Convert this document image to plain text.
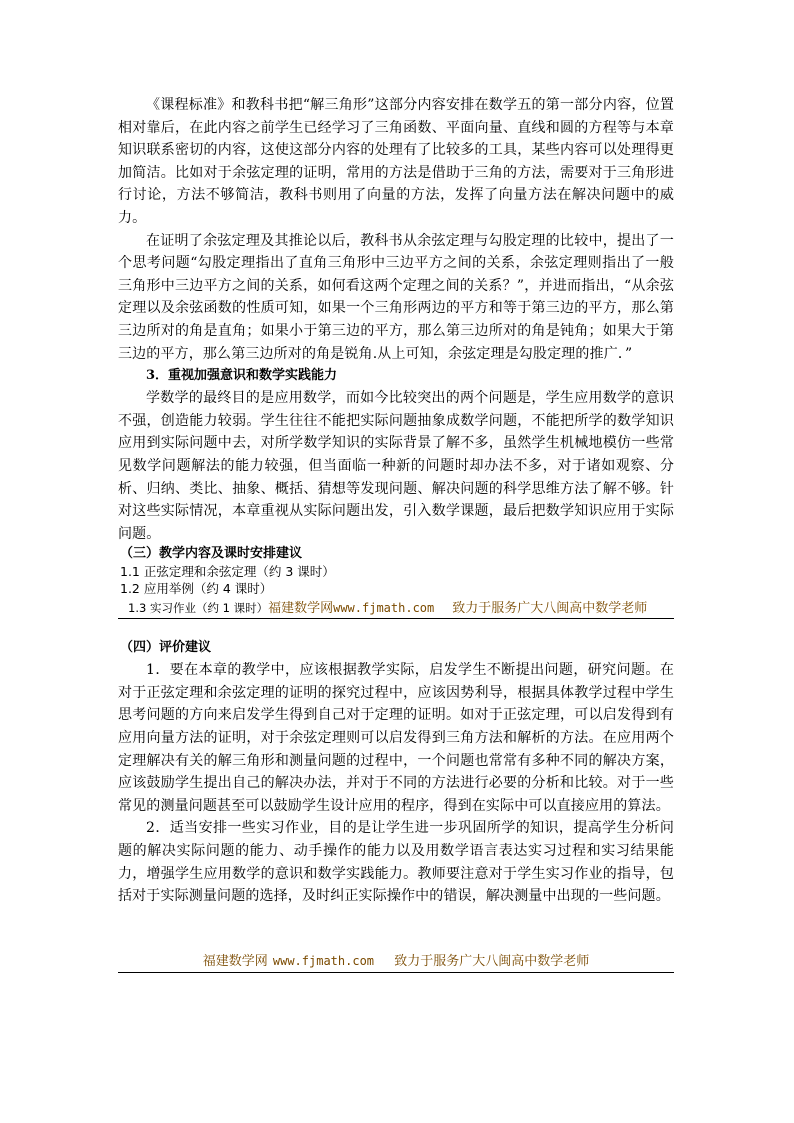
《课程标准》和教科书把“解三角形”这部分内容安排在数学五的第一部分内容，位置相对靠后，在此内容之前学生已经学习了三角函数、平面向量、直线和圆的方程等与本章知识联系密切的内容，这使这部分内容的处理有了比较多的工具，某些内容可以处理得更加简洁。比如对于余弦定理的证明，常用的方法是借助于三角的方法，需要对于三角形进行讨论，方法不够简洁，教科书则用了向量的方法，发挥了向量方法在解决问题中的威力。

在证明了余弦定理及其推论以后，教科书从余弦定理与勾股定理的比较中，提出了一个思考问题“勾股定理指出了直角三角形中三边平方之间的关系，余弦定理则指出了一般三角形中三边平方之间的关系，如何看这两个定理之间的关系？”，并进而指出，“从余弦定理以及余弦函数的性质可知，如果一个三角形两边的平方和等于第三边的平方，那么第三边所对的角是直角；如果小于第三边的平方，那么第三边所对的角是钝角；如果大于第三边的平方，那么第三边所对的角是锐角.从上可知，余弦定理是勾股定理的推广．”

3．重视加强意识和数学实践能力

学数学的最终目的是应用数学，而如今比较突出的两个问题是，学生应用数学的意识不强，创造能力较弱。学生往往不能把实际问题抽象成数学问题，不能把所学的数学知识应用到实际问题中去，对所学数学知识的实际背景了解不多，虽然学生机械地模仿一些常见数学问题解法的能力较强，但当面临一种新的问题时却办法不多，对于诸如观察、分析、归纳、类比、抽象、概括、猜想等发现问题、解决问题的科学思维方法了解不够。针对这些实际情况，本章重视从实际问题出发，引入数学课题，最后把数学知识应用于实际问题。

（三）教学内容及课时安排建议

1.1 正弦定理和余弦定理（约 3 课时）

1.2 应用举例（约 4 课时）

1.3 实习作业（约 1 课时） 福建数学网 www.fjmath.com 致力于服务广大八闽高中数学老师

（四）评价建议

1．要在本章的教学中，应该根据教学实际，启发学生不断提出问题，研究问题。在对于正弦定理和余弦定理的证明的探究过程中，应该因势利导，根据具体教学过程中学生思考问题的方向来启发学生得到自己对于定理的证明。如对于正弦定理，可以启发得到有应用向量方法的证明，对于余弦定理则可以启发得到三角方法和解析的方法。在应用两个定理解决有关的解三角形和测量问题的过程中，一个问题也常常有多种不同的解决方案，应该鼓励学生提出自己的解决办法，并对于不同的方法进行必要的分析和比较。对于一些常见的测量问题甚至可以鼓励学生设计应用的程序，得到在实际中可以直接应用的算法。

2．适当安排一些实习作业，目的是让学生进一步巩固所学的知识，提高学生分析问题的解决实际问题的能力、动手操作的能力以及用数学语言表达实习过程和实习结果能力，增强学生应用数学的意识和数学实践能力。教师要注意对于学生实习作业的指导，包括对于实际测量问题的选择，及时纠正实际操作中的错误，解决测量中出现的一些问题。

福建数学网 www.fjmath.com 致力于服务广大八闽高中数学老师
